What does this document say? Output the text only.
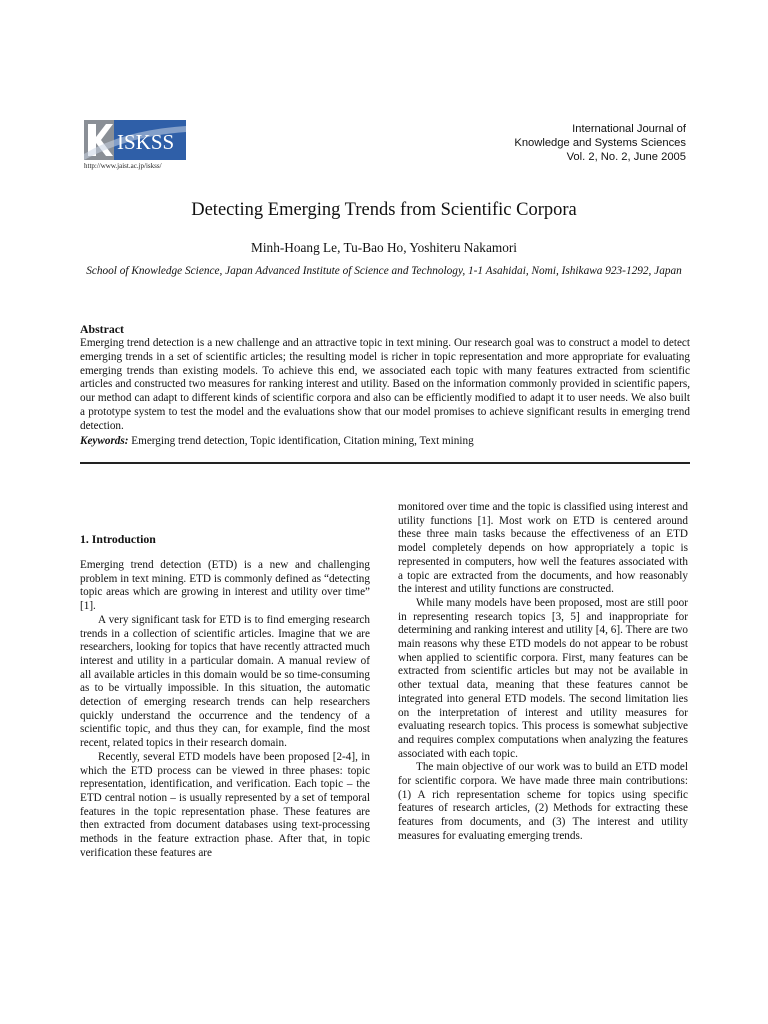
ISKSS
http://www.jaist.ac.jp/iskss/
International Journal of
Knowledge and Systems Sciences
Vol. 2, No. 2, June 2005
Detecting Emerging Trends from Scientific Corpora
Minh-Hoang Le, Tu-Bao Ho, Yoshiteru Nakamori
School of Knowledge Science, Japan Advanced Institute of Science and Technology, 1-1 Asahidai, Nomi, Ishikawa 923-1292, Japan
Abstract
Emerging trend detection is a new challenge and an attractive topic in text mining. Our research goal was to construct a model to detect emerging trends in a set of scientific articles; the resulting model is richer in topic representation and more appropriate for evaluating emerging trends than existing models. To achieve this end, we associated each topic with many features extracted from scientific articles and constructed two measures for ranking interest and utility. Based on the information commonly provided in scientific papers, our method can adapt to different kinds of scientific corpora and also can be efficiently modified to adapt it to user needs. We also built a prototype system to test the model and the evaluations show that our model promises to achieve significant results in emerging trend detection.
Keywords: Emerging trend detection, Topic identification, Citation mining, Text mining
1. Introduction

Emerging trend detection (ETD) is a new and challenging problem in text mining. ETD is commonly defined as “detecting topic areas which are growing in interest and utility over time” [1].

A very significant task for ETD is to find emerging research trends in a collection of scientific articles. Imagine that we are researchers, looking for topics that have recently attracted much interest and utility in a particular domain. A manual review of all available articles in this domain would be so time-consuming as to be virtually impossible. In this situation, the automatic detection of emerging research trends can help researchers quickly understand the occurrence and the tendency of a scientific topic, and thus they can, for example, find the most recent, related topics in their research domain.

Recently, several ETD models have been proposed [2-4], in which the ETD process can be viewed in three phases: topic representation, identification, and verification. Each topic – the ETD central notion – is usually represented by a set of temporal features in the topic representation phase. These features are then extracted from document databases using text-processing methods in the feature extraction phase. After that, in topic verification these features are

monitored over time and the topic is classified using interest and utility functions [1]. Most work on ETD is centered around these three main tasks because the effectiveness of an ETD model completely depends on how appropriately a topic is represented in computers, how well the features associated with a topic are extracted from the documents, and how reasonably the interest and utility functions are constructed.

While many models have been proposed, most are still poor in representing research topics [3, 5] and inappropriate for determining and ranking interest and utility [4, 6]. There are two main reasons why these ETD models do not appear to be robust when applied to scientific corpora. First, many features can be extracted from scientific articles but may not be available in other textual data, meaning that these features cannot be integrated into general ETD models. The second limitation lies on the interpretation of interest and utility measures for evaluating research topics. This process is somewhat subjective and requires complex computations when analyzing the features associated with each topic.

The main objective of our work was to build an ETD model for scientific corpora. We have made three main contributions: (1) A rich representation scheme for topics using specific features of research articles, (2) Methods for extracting these features from documents, and (3) The interest and utility measures for evaluating emerging trends.
